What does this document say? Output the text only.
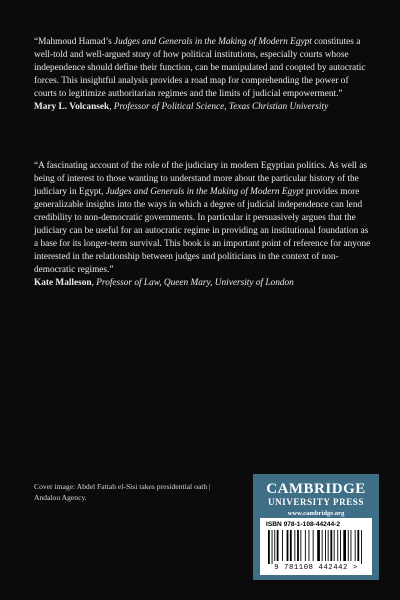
“Mahmoud Hamad’s Judges and Generals in the Making of Modern Egypt constitutes a well-told and well-argued story of how political institutions, especially courts whose independence should define their function, can be manipulated and coopted by autocratic forces. This insightful analysis provides a road map for comprehending the power of courts to legitimize authoritarian regimes and the limits of judicial empowerment.”

Mary L. Volcansek, Professor of Political Science, Texas Christian University

“A fascinating account of the role of the judiciary in modern Egyptian politics. As well as being of interest to those wanting to understand more about the particular history of the judiciary in Egypt, Judges and Generals in the Making of Modern Egypt provides more generalizable insights into the ways in which a degree of judicial independence can lend credibility to non-democratic governments. In particular it persuasively argues that the judiciary can be useful for an autocratic regime in providing an institutional foundation as a base for its longer-term survival. This book is an important point of reference for anyone interested in the relationship between judges and politicians in the context of non-democratic regimes.”

Kate Malleson, Professor of Law, Queen Mary, University of London

Cover image: Abdel Fattah el-Sisi takes presidential oath | Andalou Agency.
CAMBRIDGE
UNIVERSITY PRESS
www.cambridge.org
ISBN 978-1-108-44244-2
9 781108 442442 >
